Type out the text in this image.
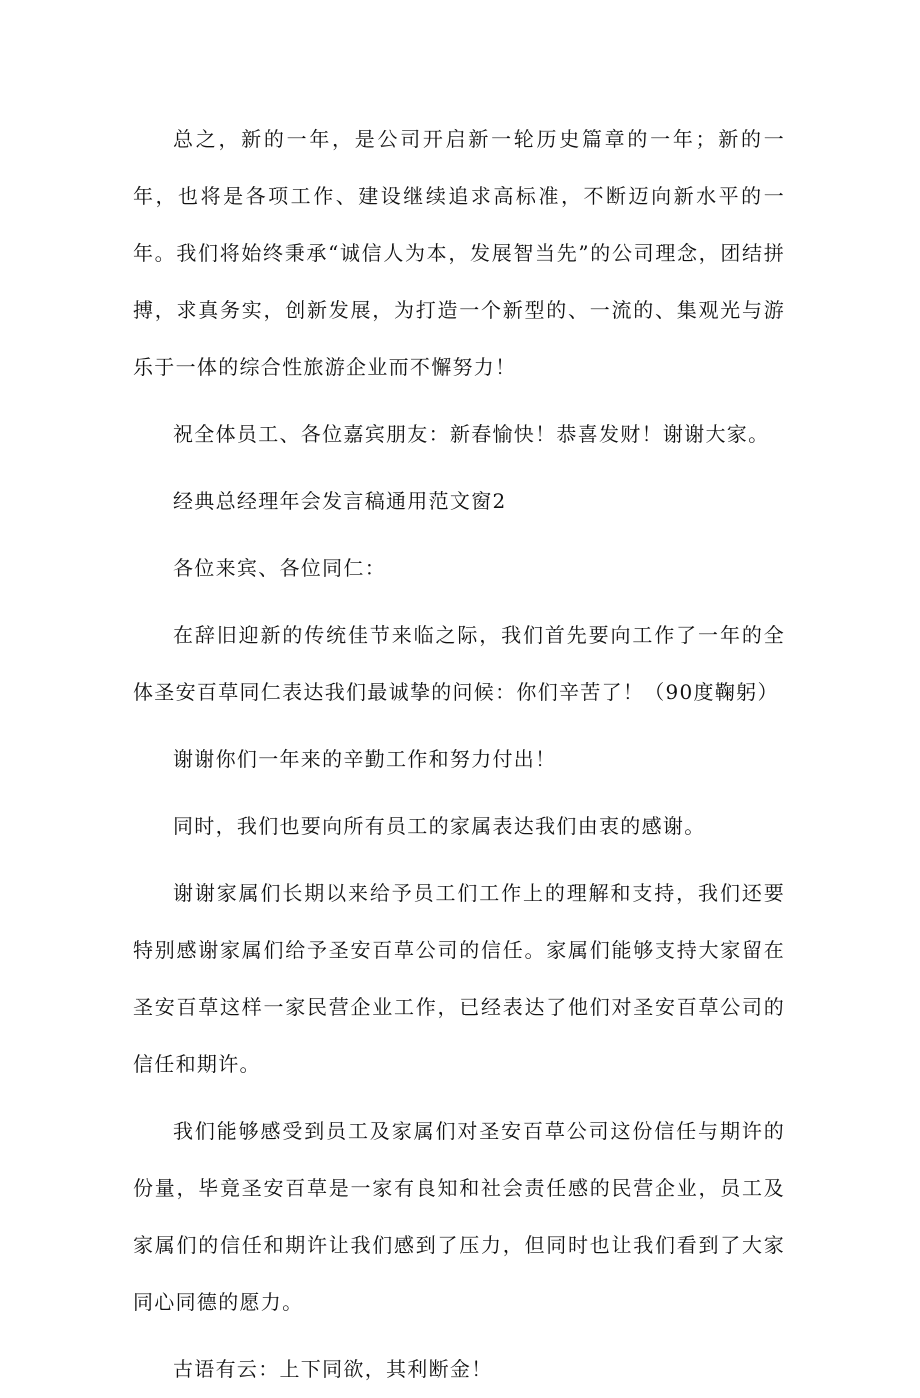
总之，新的一年，是公司开启新一轮历史篇章的一年；新的一年，也将是各项工作、建设继续追求高标准，不断迈向新水平的一年。我们将始终秉承“诚信人为本，发展智当先”的公司理念，团结拼搏，求真务实，创新发展，为打造一个新型的、一流的、集观光与游乐于一体的综合性旅游企业而不懈努力！

祝全体员工、各位嘉宾朋友：新春愉快！恭喜发财！谢谢大家。

经典总经理年会发言稿通用范文窗2

各位来宾、各位同仁：

在辞旧迎新的传统佳节来临之际，我们首先要向工作了一年的全体圣安百草同仁表达我们最诚挚的问候：你们辛苦了！（90度鞠躬）

谢谢你们一年来的辛勤工作和努力付出！

同时，我们也要向所有员工的家属表达我们由衷的感谢。

谢谢家属们长期以来给予员工们工作上的理解和支持，我们还要特别感谢家属们给予圣安百草公司的信任。家属们能够支持大家留在圣安百草这样一家民营企业工作，已经表达了他们对圣安百草公司的信任和期许。

我们能够感受到员工及家属们对圣安百草公司这份信任与期许的份量，毕竟圣安百草是一家有良知和社会责任感的民营企业，员工及家属们的信任和期许让我们感到了压力，但同时也让我们看到了大家同心同德的愿力。

古语有云：上下同欲，其利断金！
